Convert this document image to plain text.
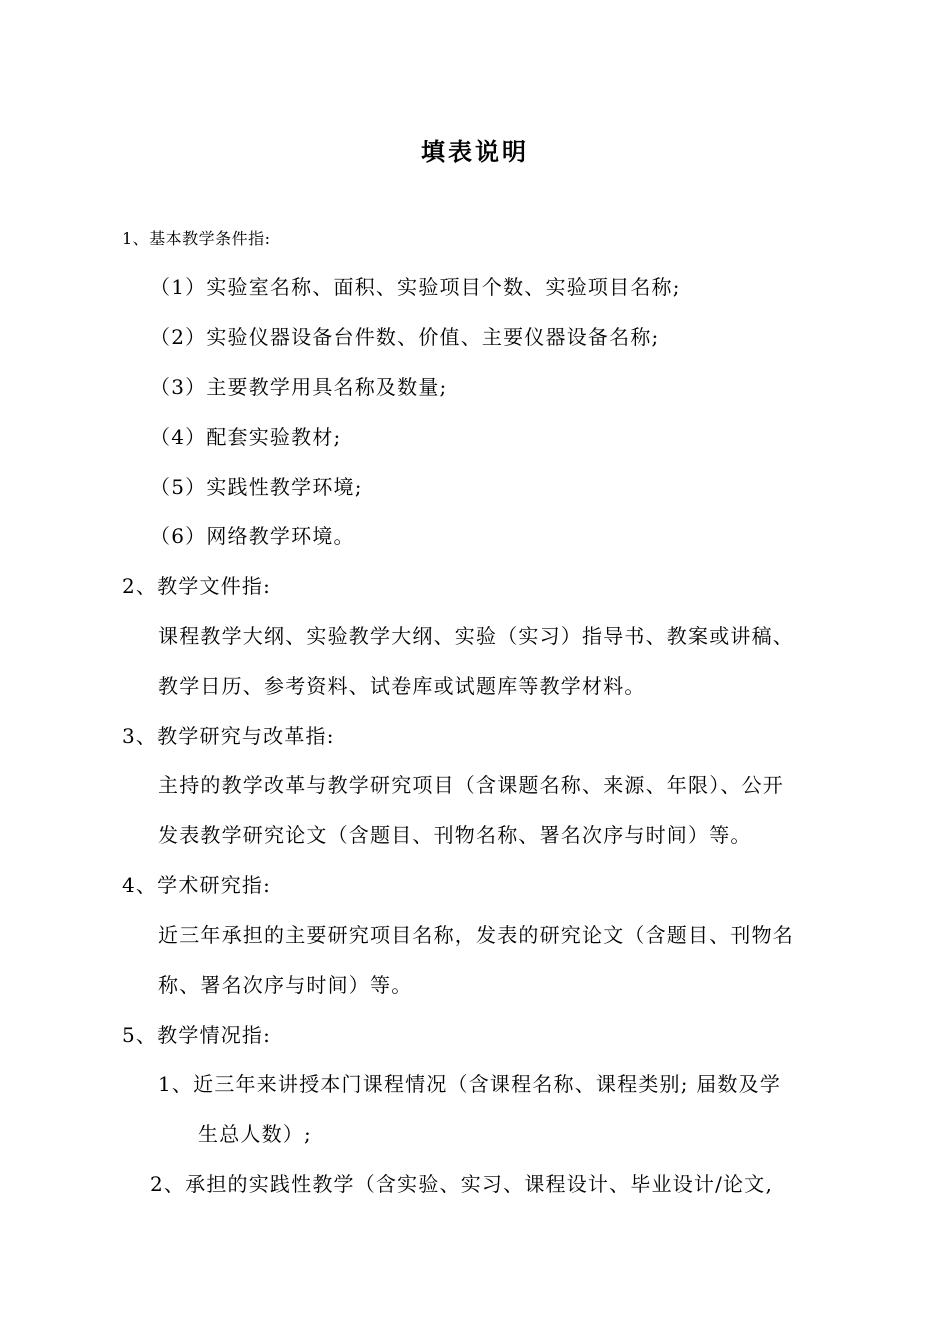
填表说明
1、基本教学条件指:
（1）实验室名称、面积、实验项目个数、实验项目名称;
（2）实验仪器设备台件数、价值、主要仪器设备名称;
（3）主要教学用具名称及数量;
（4）配套实验教材;
（5）实践性教学环境;
（6）网络教学环境。
2、教学文件指:
课程教学大纲、实验教学大纲、实验（实习）指导书、教案或讲稿、
教学日历、参考资料、试卷库或试题库等教学材料。
3、教学研究与改革指:
主持的教学改革与教学研究项目（含课题名称、来源、年限）、公开
发表教学研究论文（含题目、刊物名称、署名次序与时间）等。
4、学术研究指:
近三年承担的主要研究项目名称，发表的研究论文（含题目、刊物名
称、署名次序与时间）等。
5、教学情况指:
1、近三年来讲授本门课程情况（含课程名称、课程类别; 届数及学
生总人数）;
2、承担的实践性教学（含实验、实习、课程设计、毕业设计/论文,
